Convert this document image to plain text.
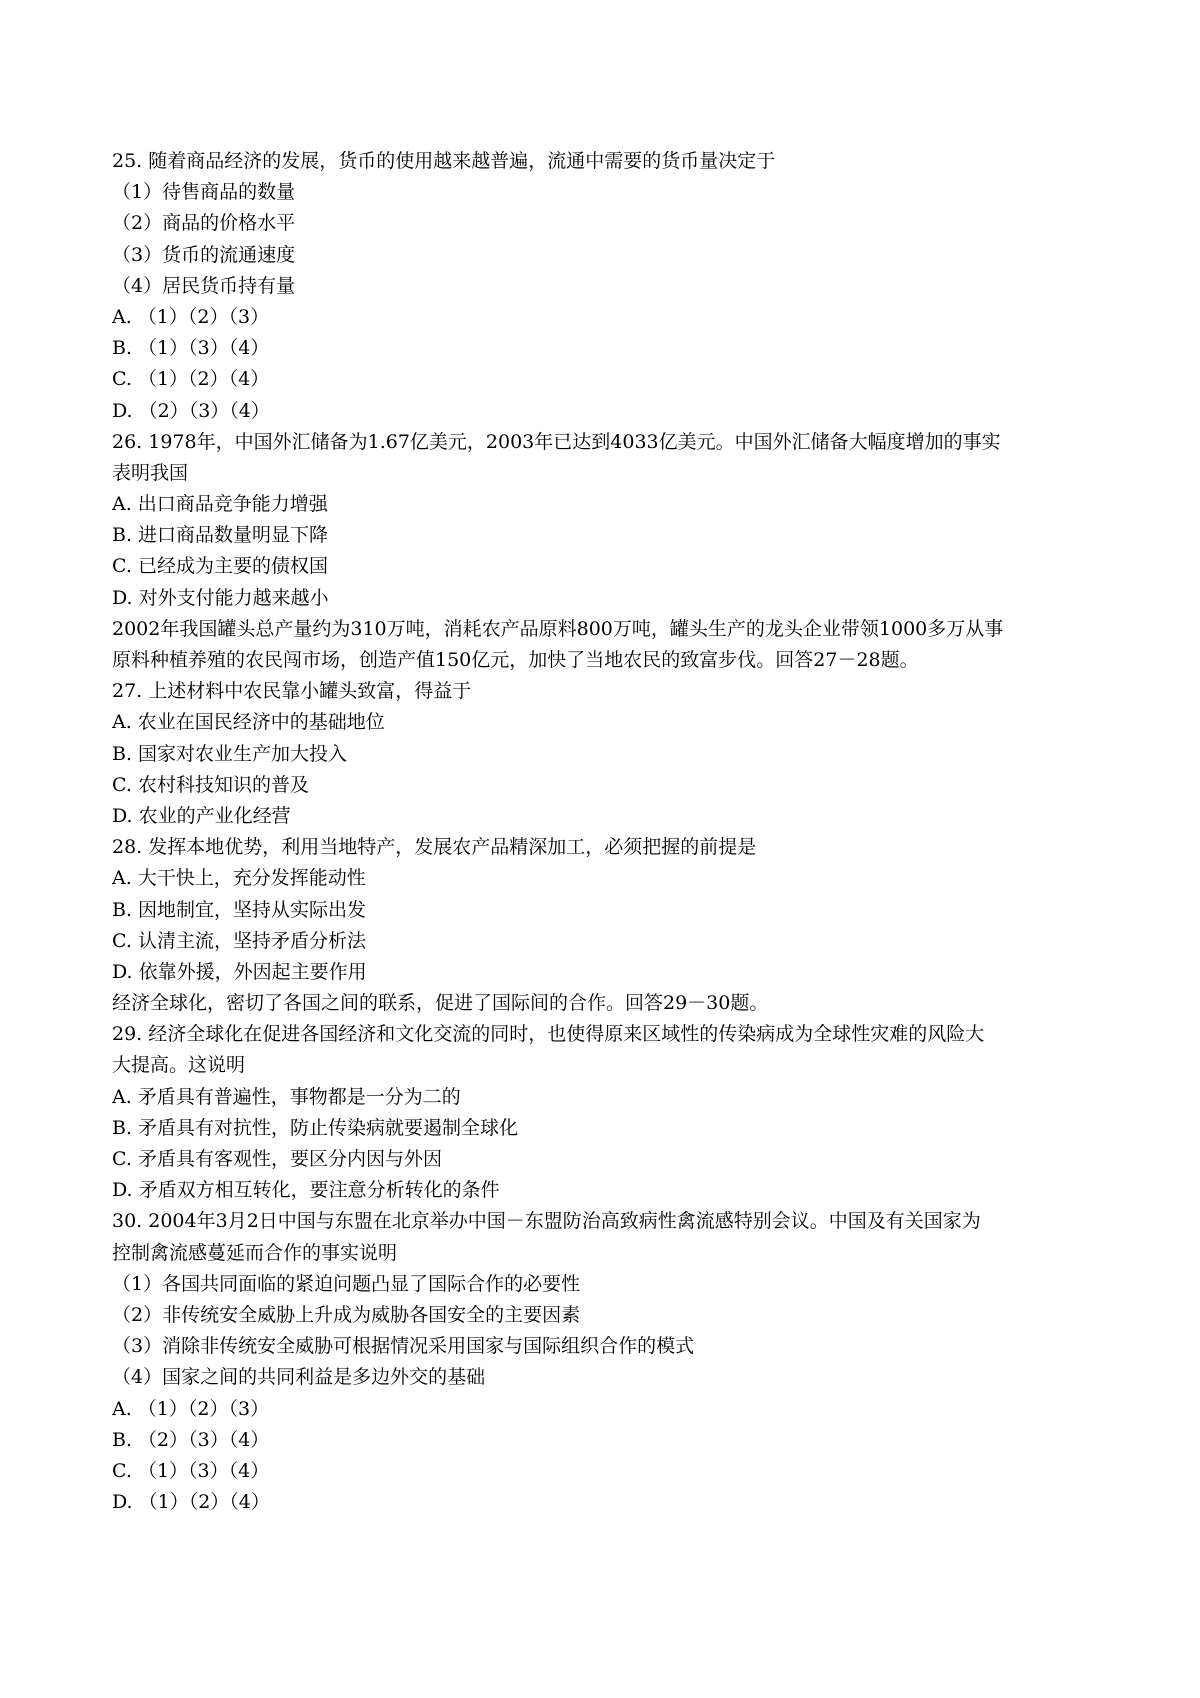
25. 随着商品经济的发展，货币的使用越来越普遍，流通中需要的货币量决定于
（1）待售商品的数量
（2）商品的价格水平
（3）货币的流通速度
（4）居民货币持有量
A. （1）（2）（3）
B. （1）（3）（4）
C. （1）（2）（4）
D. （2）（3）（4）
26. 1978年，中国外汇储备为1.67亿美元，2003年已达到4033亿美元。中国外汇储备大幅度增加的事实
表明我国
A. 出口商品竞争能力增强
B. 进口商品数量明显下降
C. 已经成为主要的债权国
D. 对外支付能力越来越小
2002年我国罐头总产量约为310万吨，消耗农产品原料800万吨，罐头生产的龙头企业带领1000多万从事
原料种植养殖的农民闯市场，创造产值150亿元，加快了当地农民的致富步伐。回答27－28题。
27. 上述材料中农民靠小罐头致富，得益于
A. 农业在国民经济中的基础地位
B. 国家对农业生产加大投入
C. 农村科技知识的普及
D. 农业的产业化经营
28. 发挥本地优势，利用当地特产，发展农产品精深加工，必须把握的前提是
A. 大干快上，充分发挥能动性
B. 因地制宜，坚持从实际出发
C. 认清主流，坚持矛盾分析法
D. 依靠外援，外因起主要作用
经济全球化，密切了各国之间的联系，促进了国际间的合作。回答29－30题。
29. 经济全球化在促进各国经济和文化交流的同时，也使得原来区域性的传染病成为全球性灾难的风险大
大提高。这说明
A. 矛盾具有普遍性，事物都是一分为二的
B. 矛盾具有对抗性，防止传染病就要遏制全球化
C. 矛盾具有客观性，要区分内因与外因
D. 矛盾双方相互转化，要注意分析转化的条件
30. 2004年3月2日中国与东盟在北京举办中国－东盟防治高致病性禽流感特别会议。中国及有关国家为
控制禽流感蔓延而合作的事实说明
（1）各国共同面临的紧迫问题凸显了国际合作的必要性
（2）非传统安全威胁上升成为威胁各国安全的主要因素
（3）消除非传统安全威胁可根据情况采用国家与国际组织合作的模式
（4）国家之间的共同利益是多边外交的基础
A. （1）（2）（3）
B. （2）（3）（4）
C. （1）（3）（4）
D. （1）（2）（4）
